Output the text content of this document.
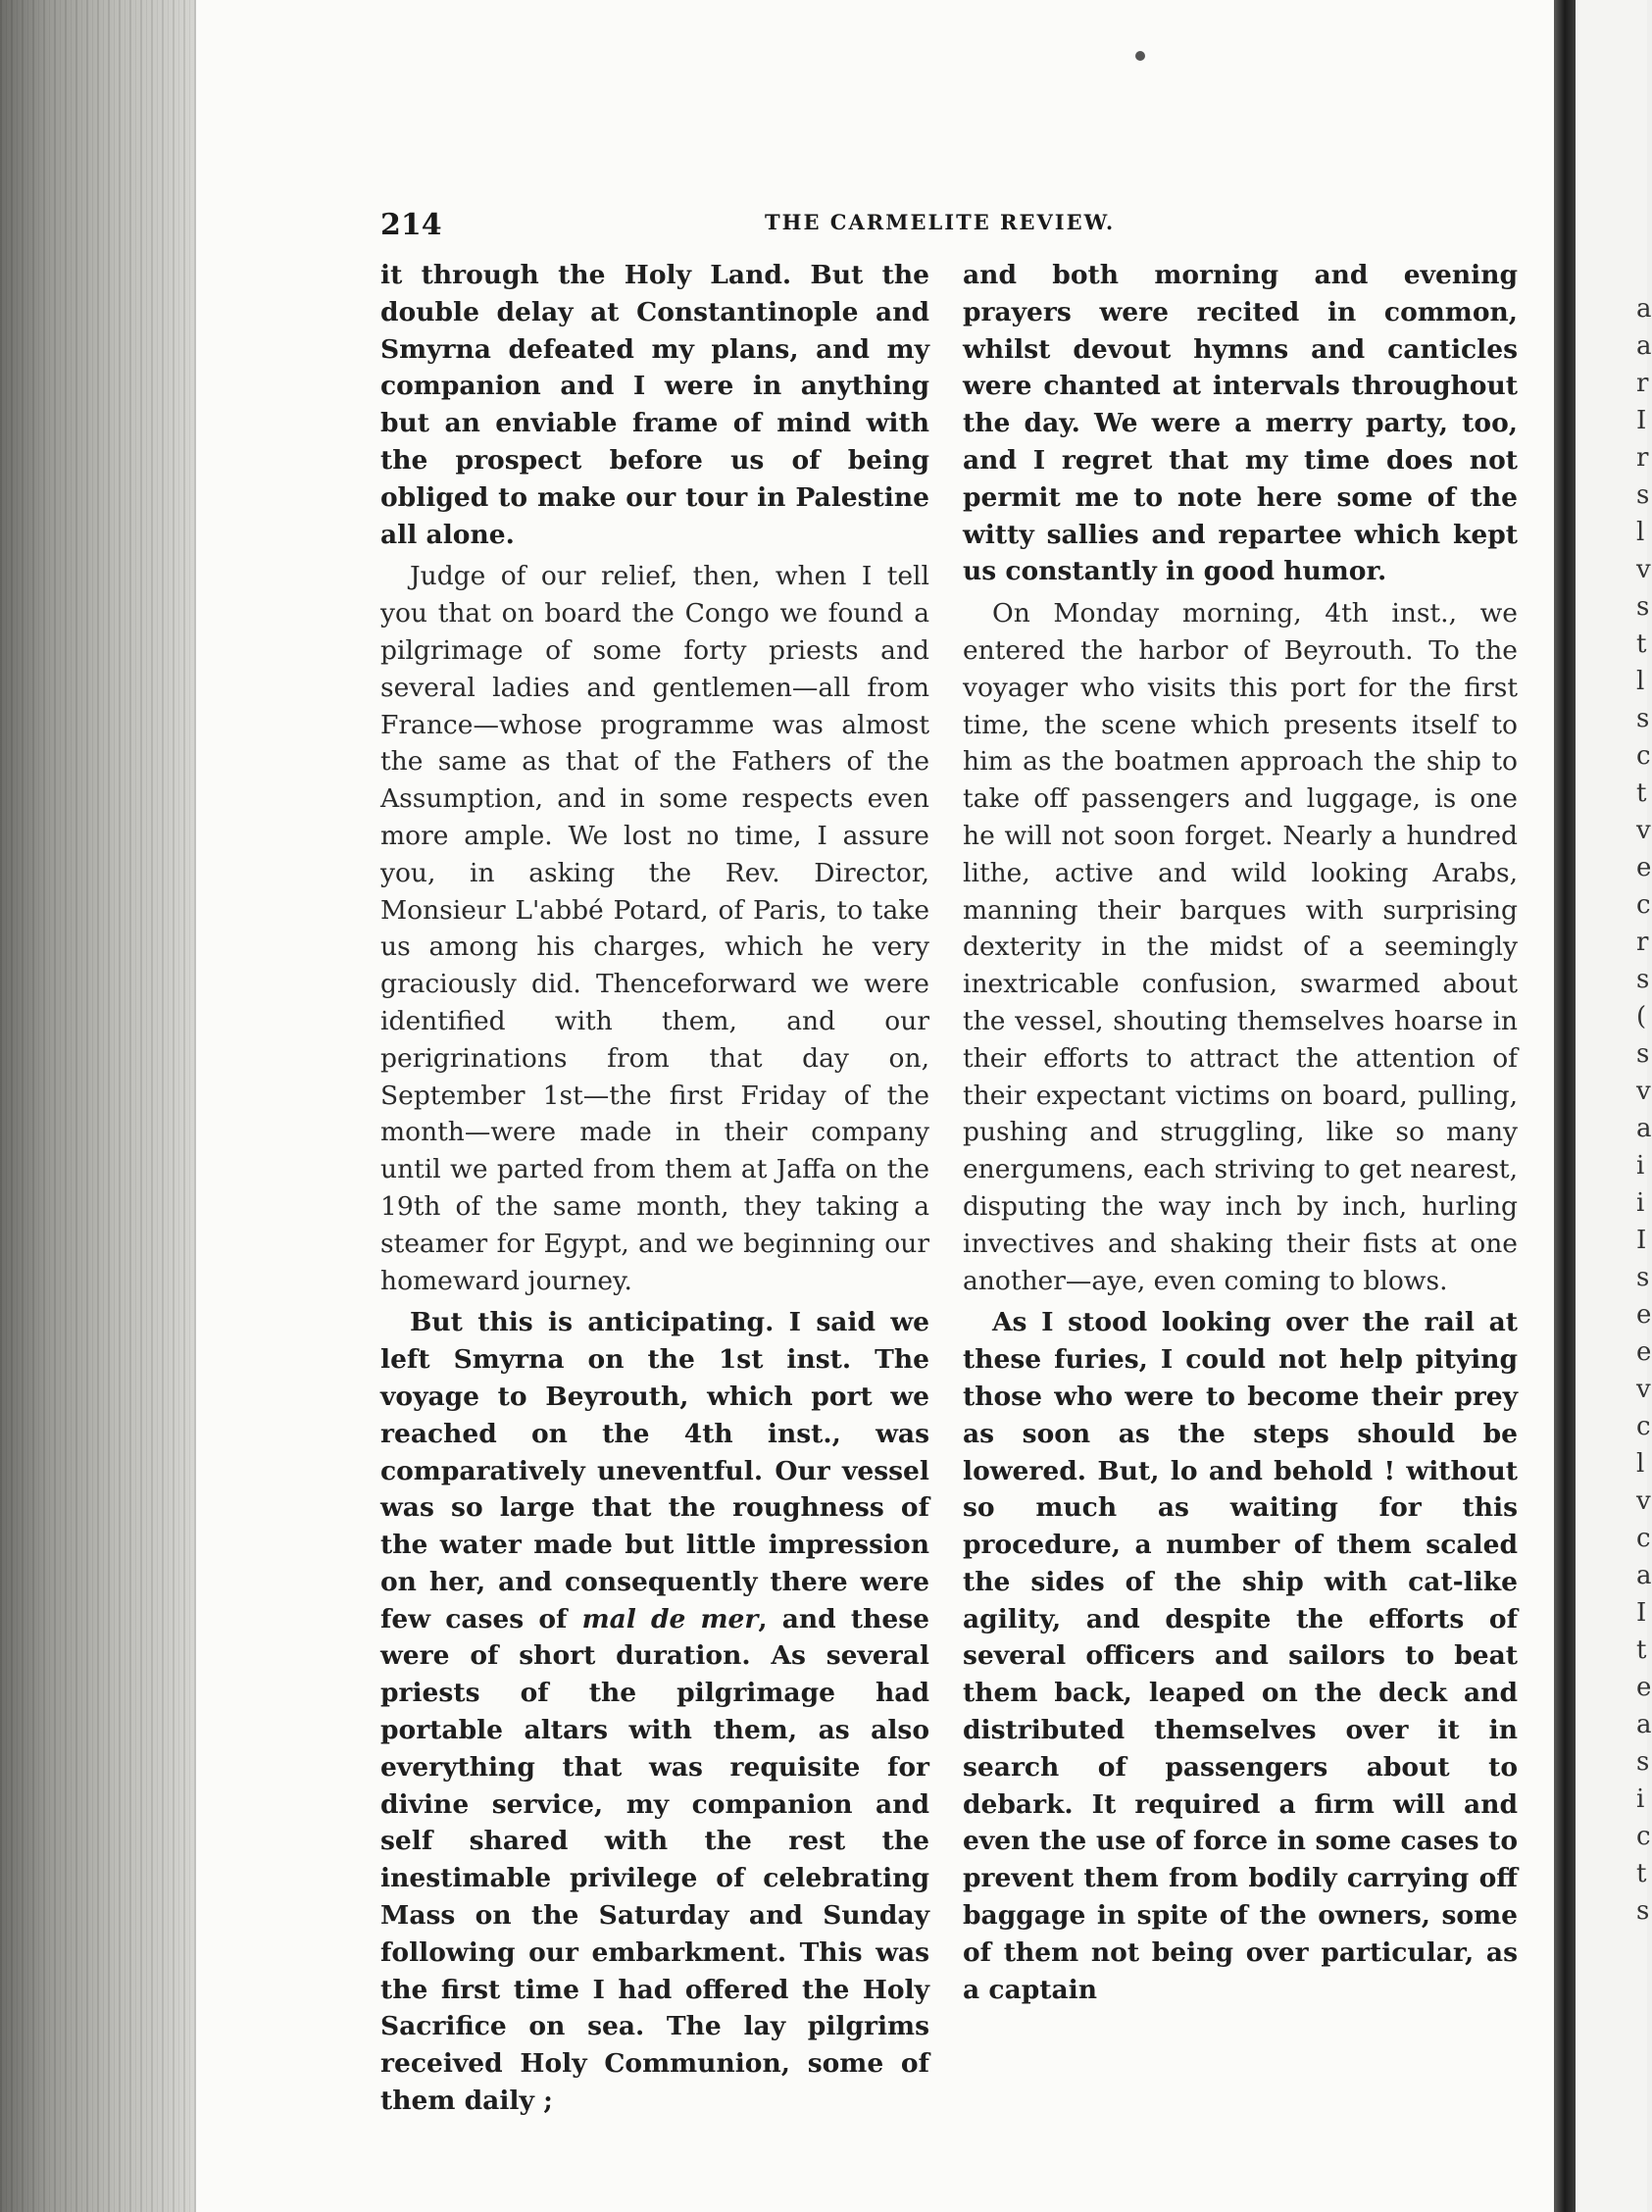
a
a
r
I
r
s
l
v
s
t
l
s
c
t
v
e
c
r
s
(
s
v
a
i
i
I
s
e
e
v
c
l
v
c
a
I
t
e
a
s
i
c
t
s
214	THE CARMELITE REVIEW.

it through the Holy Land. But the double delay at Constantinople and Smyrna defeated my plans, and my companion and I were in anything but an enviable frame of mind with the prospect before us of being obliged to make our tour in Palestine all alone.

Judge of our relief, then, when I tell you that on board the Congo we found a pilgrimage of some forty priests and several ladies and gentlemen—all from France—whose programme was almost the same as that of the Fathers of the Assumption, and in some respects even more ample. We lost no time, I assure you, in asking the Rev. Director, Monsieur L'abbé Potard, of Paris, to take us among his charges, which he very graciously did. Thenceforward we were identified with them, and our perigrinations from that day on, September 1st—the first Friday of the month—were made in their company until we parted from them at Jaffa on the 19th of the same month, they taking a steamer for Egypt, and we beginning our homeward journey.

But this is anticipating. I said we left Smyrna on the 1st inst. The voyage to Beyrouth, which port we reached on the 4th inst., was comparatively uneventful. Our vessel was so large that the roughness of the water made but little impression on her, and consequently there were few cases of mal de mer, and these were of short duration. As several priests of the pilgrimage had portable altars with them, as also everything that was requisite for divine service, my companion and self shared with the rest the inestimable privilege of celebrating Mass on the Saturday and Sunday following our embarkment. This was the first time I had offered the Holy Sacrifice on sea. The lay pilgrims received Holy Communion, some of them daily ;

and both morning and evening prayers were recited in common, whilst devout hymns and canticles were chanted at intervals throughout the day. We were a merry party, too, and I regret that my time does not permit me to note here some of the witty sallies and repartee which kept us constantly in good humor.

On Monday morning, 4th inst., we entered the harbor of Beyrouth. To the voyager who visits this port for the first time, the scene which presents itself to him as the boatmen approach the ship to take off passengers and luggage, is one he will not soon forget. Nearly a hundred lithe, active and wild looking Arabs, manning their barques with surprising dexterity in the midst of a seemingly inextricable confusion, swarmed about the vessel, shouting themselves hoarse in their efforts to attract the attention of their expectant victims on board, pulling, pushing and struggling, like so many energumens, each striving to get nearest, disputing the way inch by inch, hurling invectives and shaking their fists at one another—aye, even coming to blows.

As I stood looking over the rail at these furies, I could not help pitying those who were to become their prey as soon as the steps should be lowered. But, lo and behold ! without so much as waiting for this procedure, a number of them scaled the sides of the ship with cat-like agility, and despite the efforts of several officers and sailors to beat them back, leaped on the deck and distributed themselves over it in search of passengers about to debark. It required a firm will and even the use of force in some cases to prevent them from bodily carrying off baggage in spite of the owners, some of them not being over particular, as a captain
